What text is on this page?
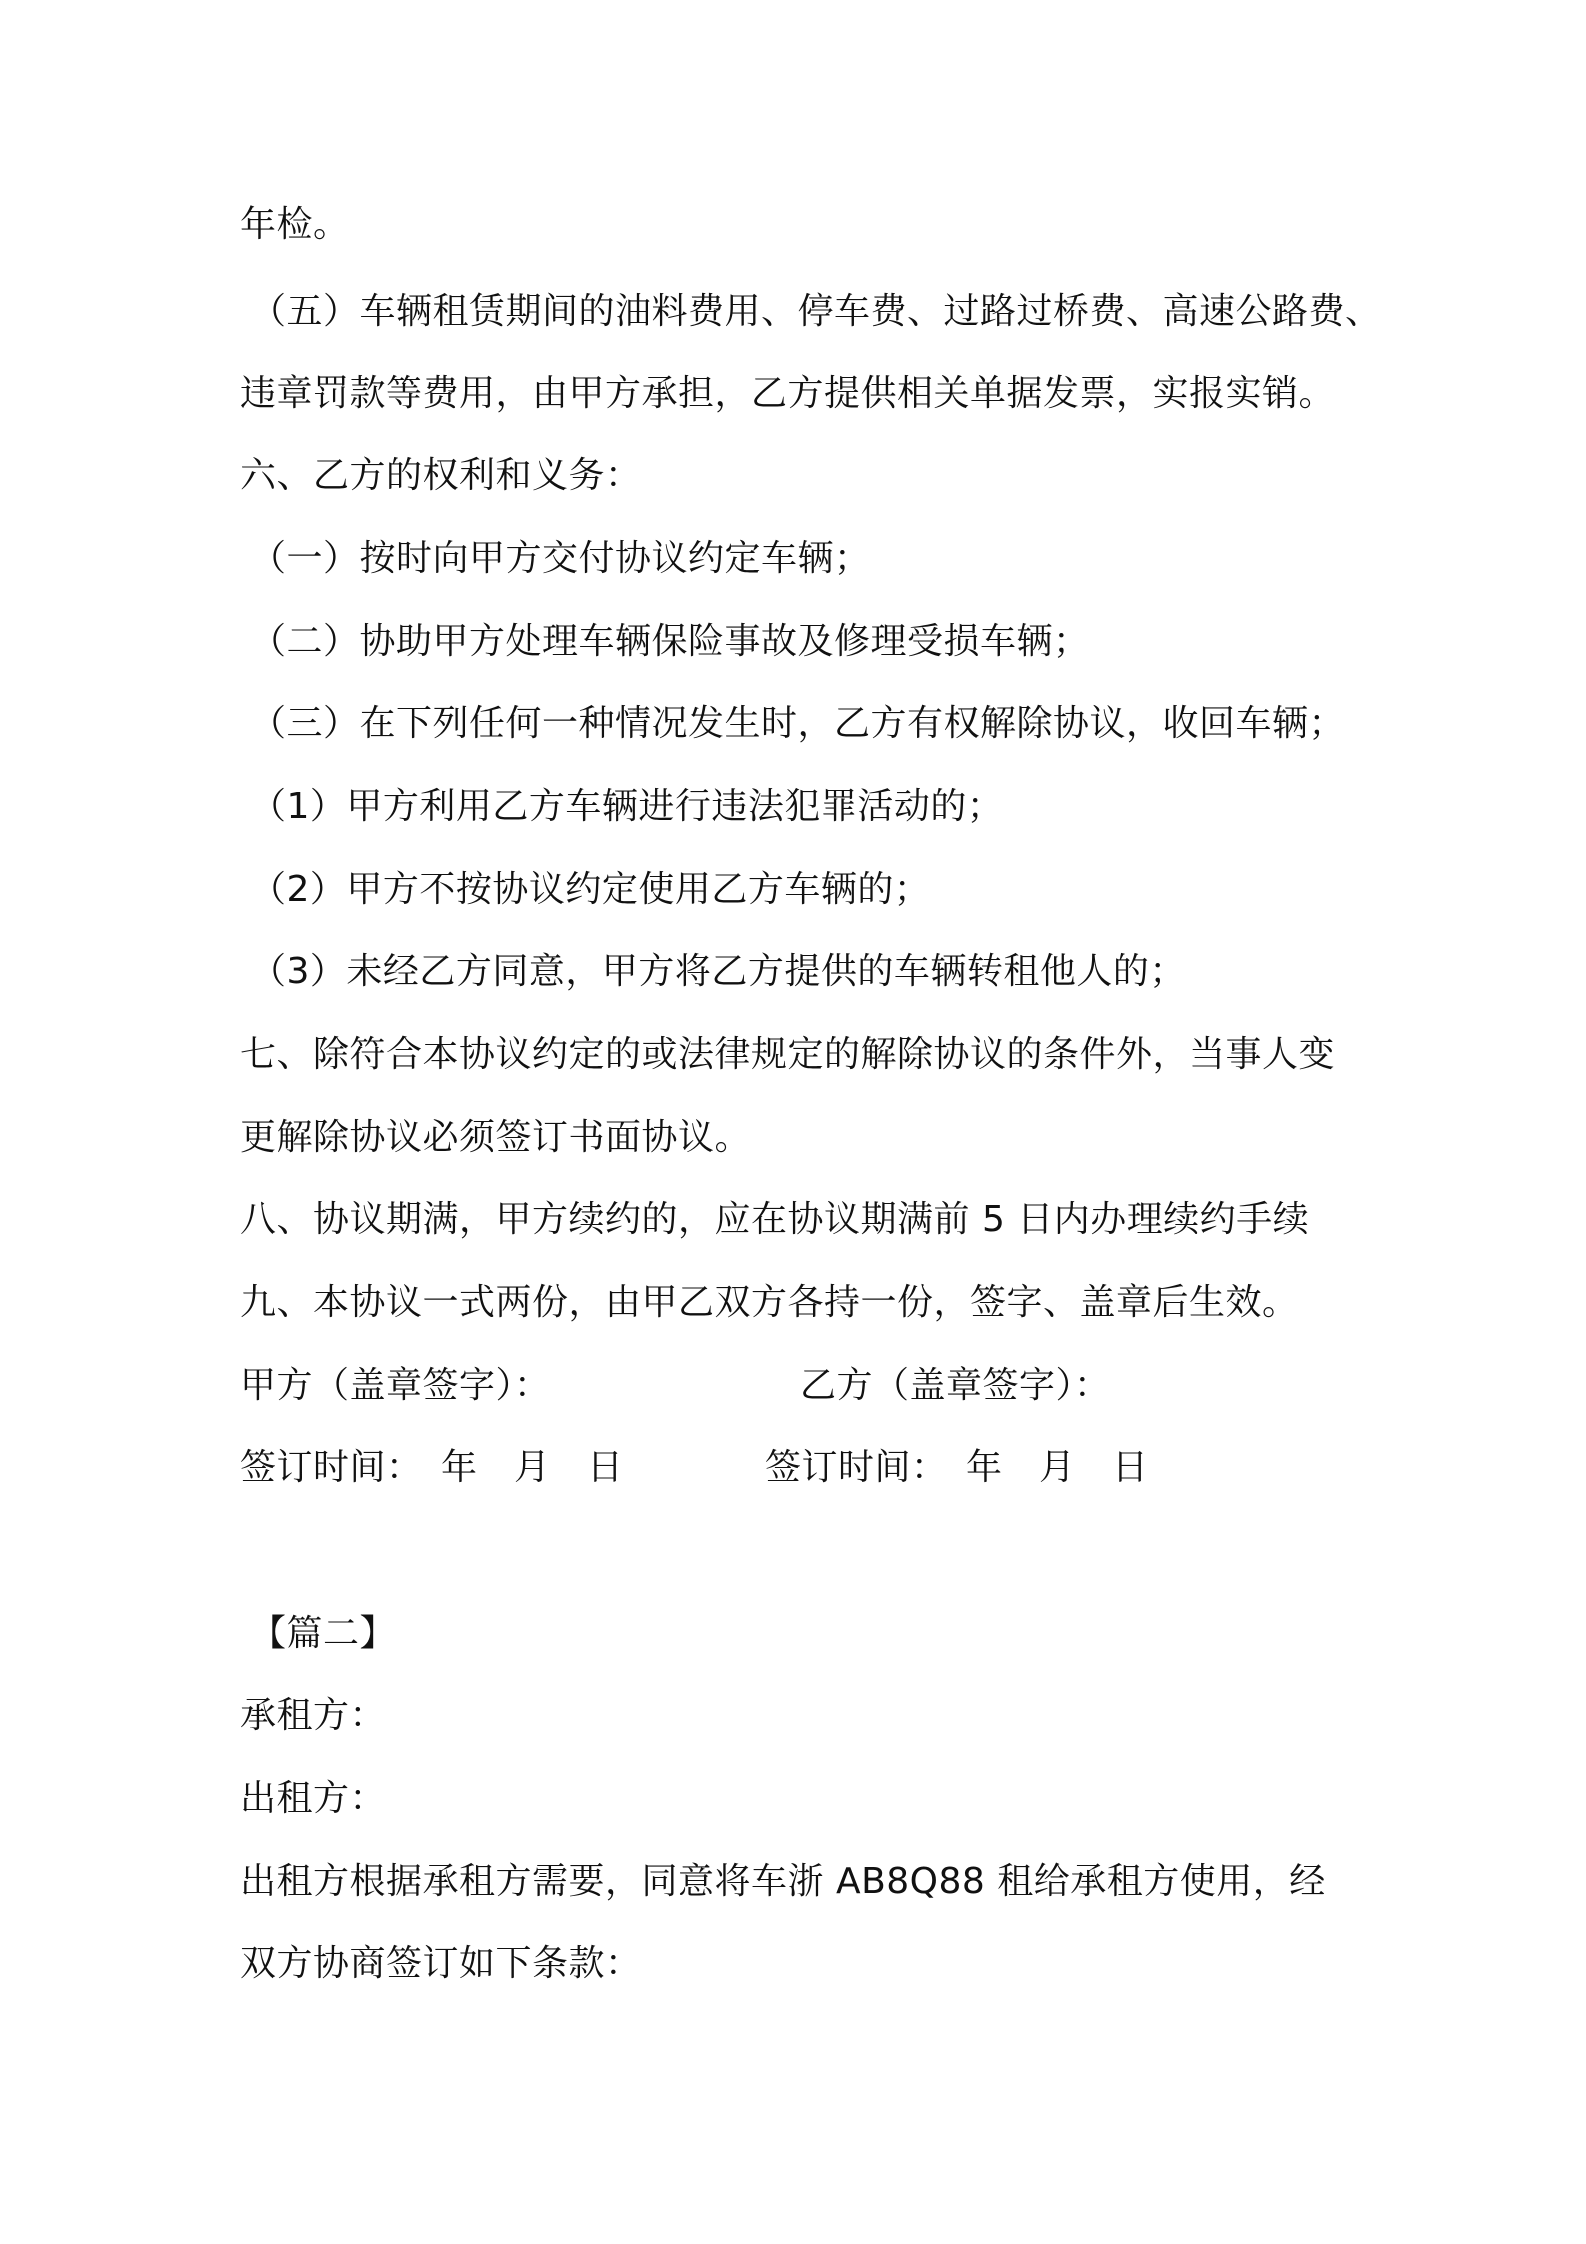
年检。
（五）车辆租赁期间的油料费用、停车费、过路过桥费、高速公路费、
违章罚款等费用，由甲方承担，乙方提供相关单据发票，实报实销。
六、乙方的权利和义务：
（一）按时向甲方交付协议约定车辆；
（二）协助甲方处理车辆保险事故及修理受损车辆；
（三）在下列任何一种情况发生时，乙方有权解除协议，收回车辆；
（1）甲方利用乙方车辆进行违法犯罪活动的；
（2）甲方不按协议约定使用乙方车辆的；
（3）未经乙方同意，甲方将乙方提供的车辆转租他人的；
七、除符合本协议约定的或法律规定的解除协议的条件外，当事人变
更解除协议必须签订书面协议。
八、协议期满，甲方续约的，应在协议期满前 5 日内办理续约手续
九、本协议一式两份，由甲乙双方各持一份，签字、盖章后生效。
甲方（盖章签字）：	乙方（盖章签字）：
签订时间：　年　月　日	签订时间：　年　月　日
【篇二】
承租方：
出租方：
出租方根据承租方需要，同意将车浙 AB8Q88 租给承租方使用，经
双方协商签订如下条款：
